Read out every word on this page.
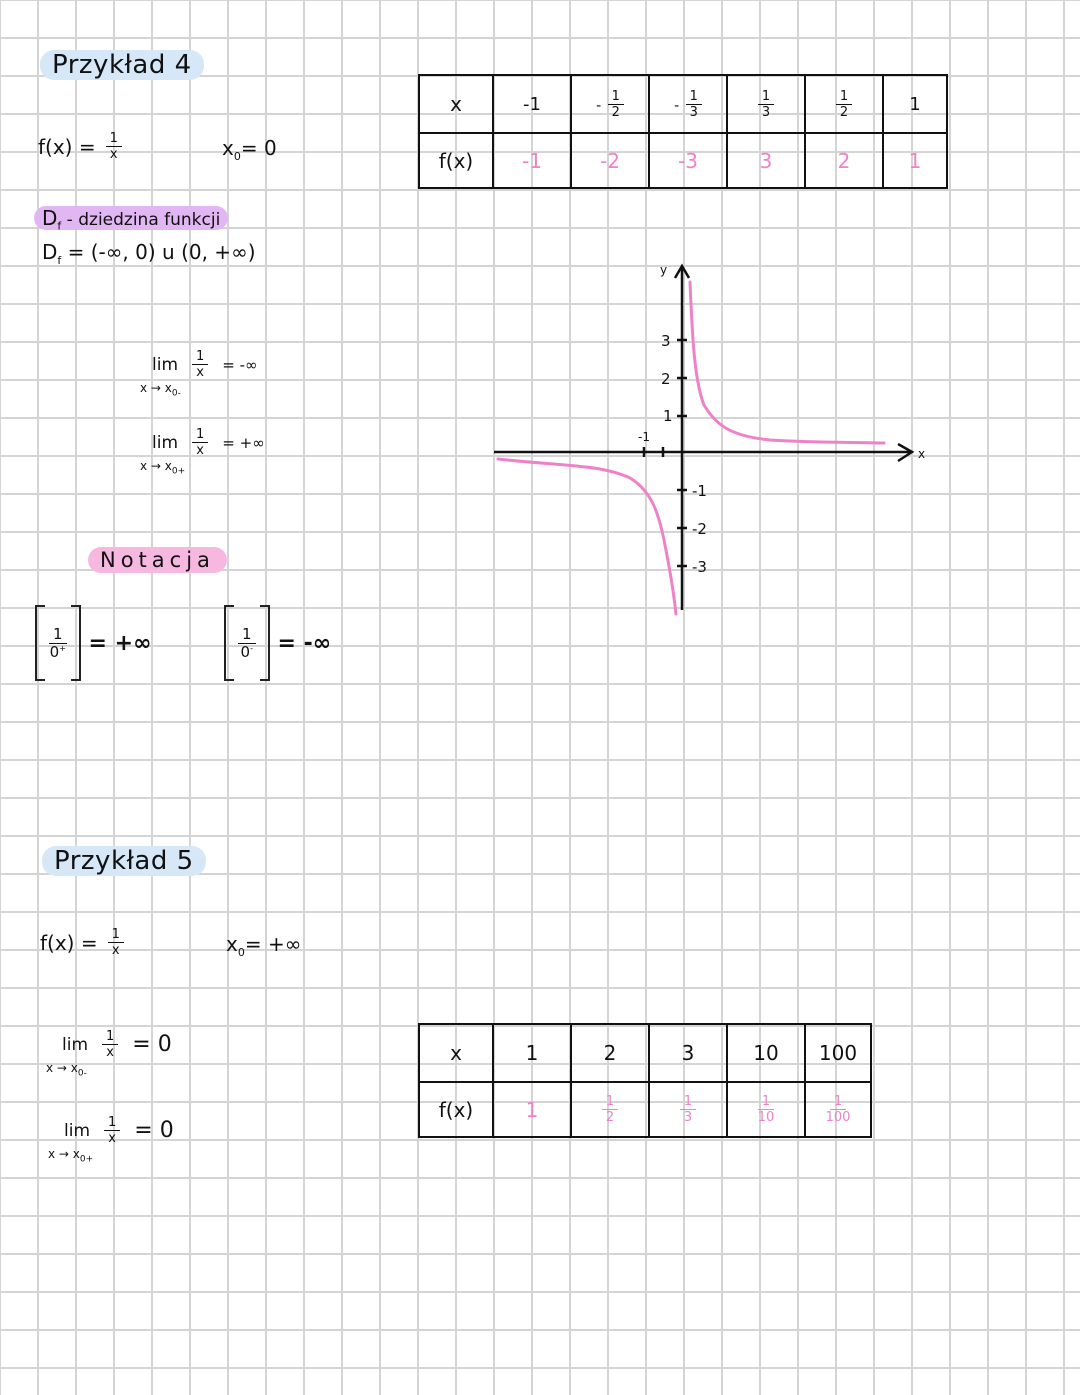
Przykład 4
$f(x) = \frac{1}{x}$	$x_0= 0$
$D_f$ - dziedzina funkcji
$D_f$ = (-∞, 0) u (0, +∞)
$\lim \frac{1}{x}$ = -∞
$x \to x_{0-}$
$\lim \frac{1}{x}$ = +∞
$x \to x_{0+}$
x	-1	- $\frac{1}{2}$	- $\frac{1}{3}$	$\frac{1}{3}$	$\frac{1}{2}$	1
f(x)	-1	-2	-3	3	2	1
y
x
-1
3
2
1
-1
-2
-3
Notacja
$\frac{1}{0^+}$ = +∞	$\frac{1}{0^-}$ = -∞
Przykład 5
$f(x) = \frac{1}{x}$	$x_0=$ +∞
$\lim \frac{1}{x} = 0$
$x \to x_{0-}$
$\lim \frac{1}{x} = 0$
$x \to x_{0+}$
x	1	2	3	10	100
f(x)	1	$\frac{1}{2}$	$\frac{1}{3}$	$\frac{1}{10}$	$\frac{1}{100}$
